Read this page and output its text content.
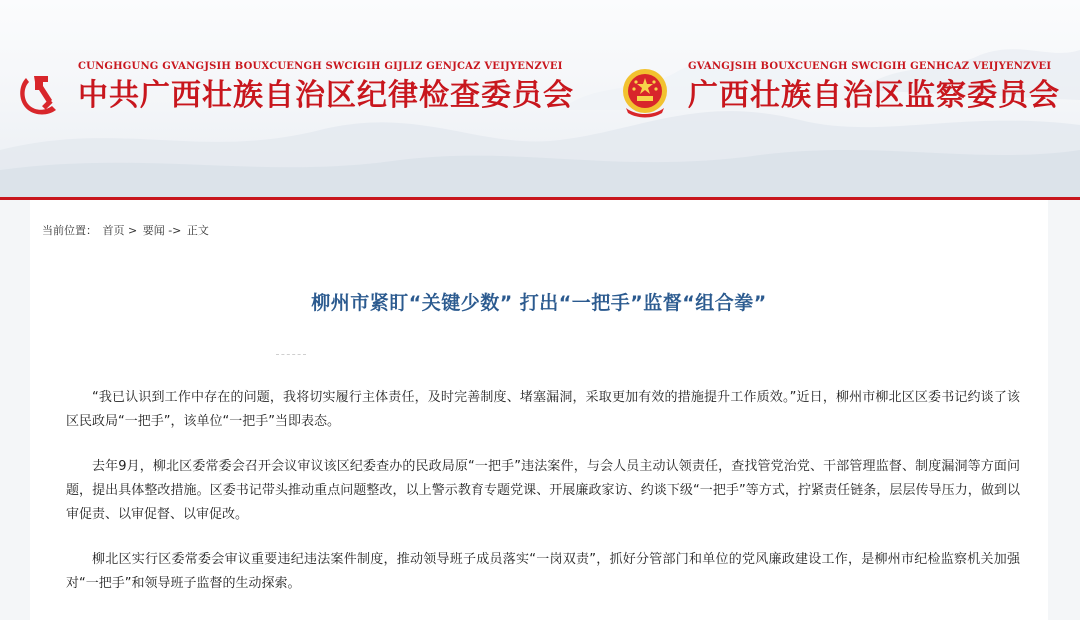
CUNGHGUNG GVANGJSIH BOUXCUENGH SWCIGIH GIJLIZ GENJCAZ VEIJYENZVEI
中共广西壮族自治区纪律检查委员会
GVANGJSIH BOUXCUENGH SWCIGIH GENHCAZ VEIJYENZVEI
广西壮族自治区监察委员会
当前位置： 首页 > 要闻 -> 正文
柳州市紧盯“关键少数” 打出“一把手”监督“组合拳”

“我已认识到工作中存在的问题，我将切实履行主体责任，及时完善制度、堵塞漏洞，采取更加有效的措施提升工作质效。”近日，柳州市柳北区区委书记约谈了该区民政局“一把手”，该单位“一把手”当即表态。

去年9月，柳北区委常委会召开会议审议该区纪委查办的民政局原“一把手”违法案件，与会人员主动认领责任，查找管党治党、干部管理监督、制度漏洞等方面问题，提出具体整改措施。区委书记带头推动重点问题整改，以上警示教育专题党课、开展廉政家访、约谈下级“一把手”等方式，拧紧责任链条，层层传导压力，做到以审促责、以审促督、以审促改。

柳北区实行区委常委会审议重要违纪违法案件制度，推动领导班子成员落实“一岗双责”，抓好分管部门和单位的党风廉政建设工作，是柳州市纪检监察机关加强对“一把手”和领导班子监督的生动探索。
